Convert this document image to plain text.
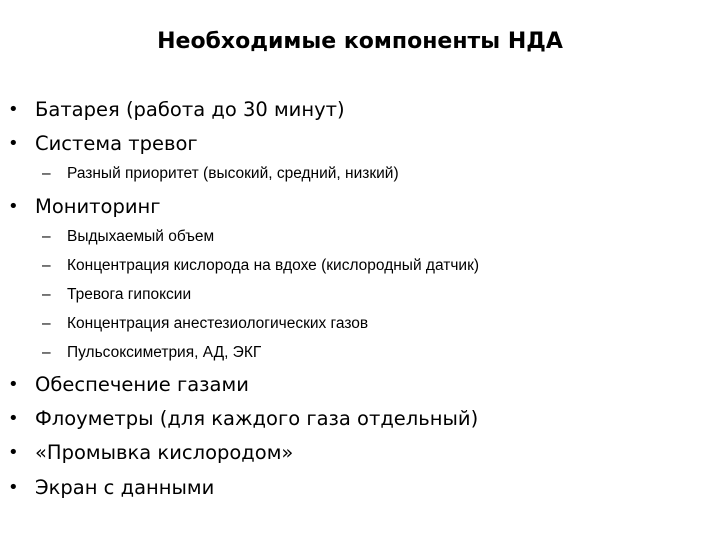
Необходимые компоненты НДА
• Батарея (работа до 30 минут)
• Система тревог
– Разный приоритет (высокий, средний, низкий)
• Мониторинг
– Выдыхаемый объем
– Концентрация кислорода на вдохе (кислородный датчик)
– Тревога гипоксии
– Концентрация анестезиологических газов
– Пульсоксиметрия, АД, ЭКГ
• Обеспечение газами
• Флоуметры (для каждого газа отдельный)
• «Промывка кислородом»
• Экран с данными
